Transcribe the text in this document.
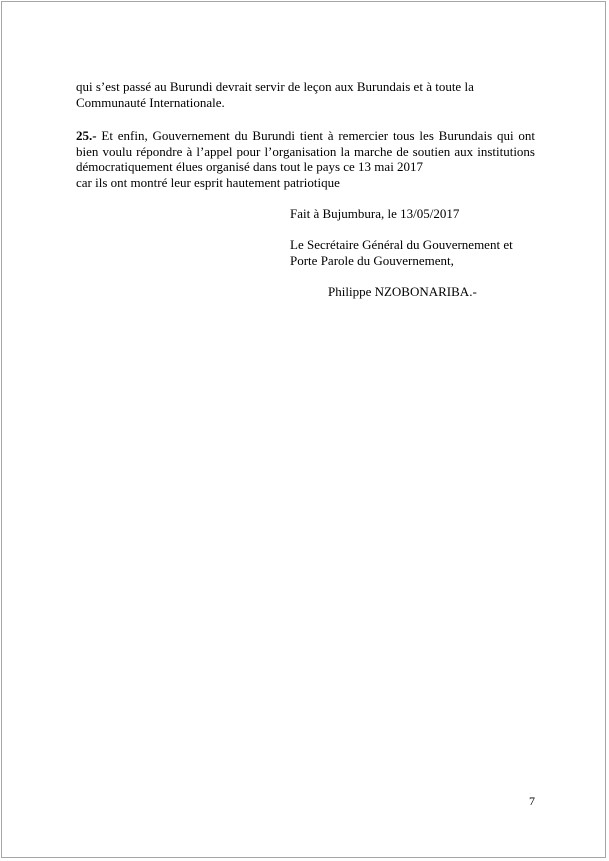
qui s’est passé au Burundi devrait servir de leçon aux Burundais et à toute la
Communauté Internationale.

25.- Et enfin, Gouvernement du Burundi tient à remercier tous les Burundais qui ont bien voulu répondre à l’appel pour l’organisation la marche de soutien aux institutions démocratiquement élues organisé dans tout le pays ce 13 mai 2017
car ils ont montré leur esprit hautement patriotique

Fait à Bujumbura, le 13/05/2017

Le Secrétaire Général du Gouvernement et
Porte Parole du Gouvernement,

Philippe NZOBONARIBA.-

7
